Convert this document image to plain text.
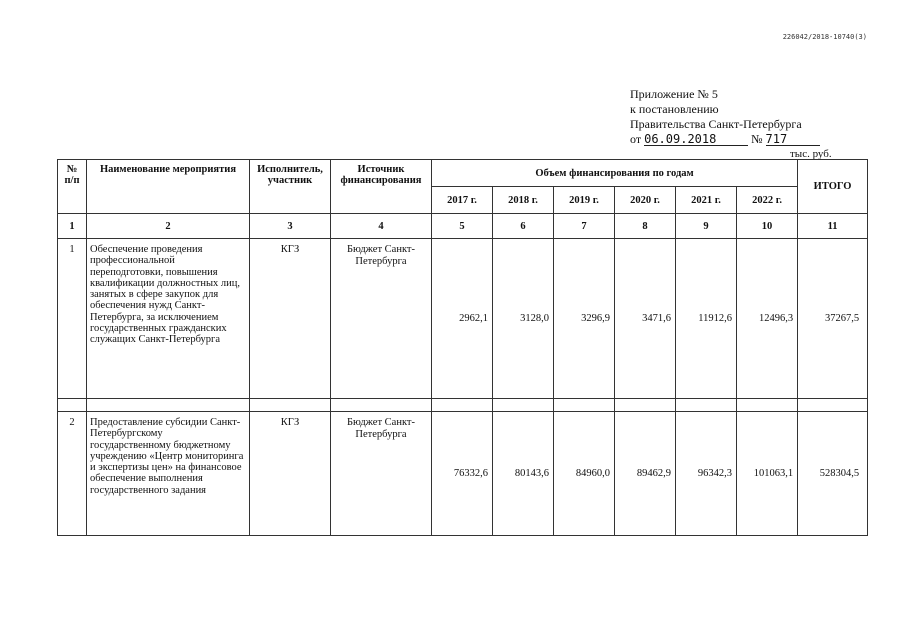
226042/2018-10740(3)
Приложение № 5
к постановлению
Правительства Санкт-Петербурга
от 06.09.2018	№ 717
тыс. руб.
№ п/п	Наименование мероприятия	Исполнитель, участник	Источник финансирования	Объем финансирования по годам						ИТОГО
				2017 г.	2018 г.	2019 г.	2020 г.	2021 г.	2022 г.	
1	2	3	4	5	6	7	8	9	10	11
1	Обеспечение проведения профессиональной переподготовки, повышения квалификации должностных лиц, занятых в сфере закупок для обеспечения нужд Санкт-Петербурга, за исключением государственных гражданских служащих Санкт-Петербурга	КГЗ	Бюджет Санкт-Петербурга	2962,1	3128,0	3296,9	3471,6	11912,6	12496,3	37267,5

2	Предоставление субсидии Санкт-Петербургскому государственному бюджетному учреждению «Центр мониторинга и экспертизы цен» на финансовое обеспечение выполнения государственного задания	КГЗ	Бюджет Санкт-Петербурга	76332,6	80143,6	84960,0	89462,9	96342,3	101063,1	528304,5
